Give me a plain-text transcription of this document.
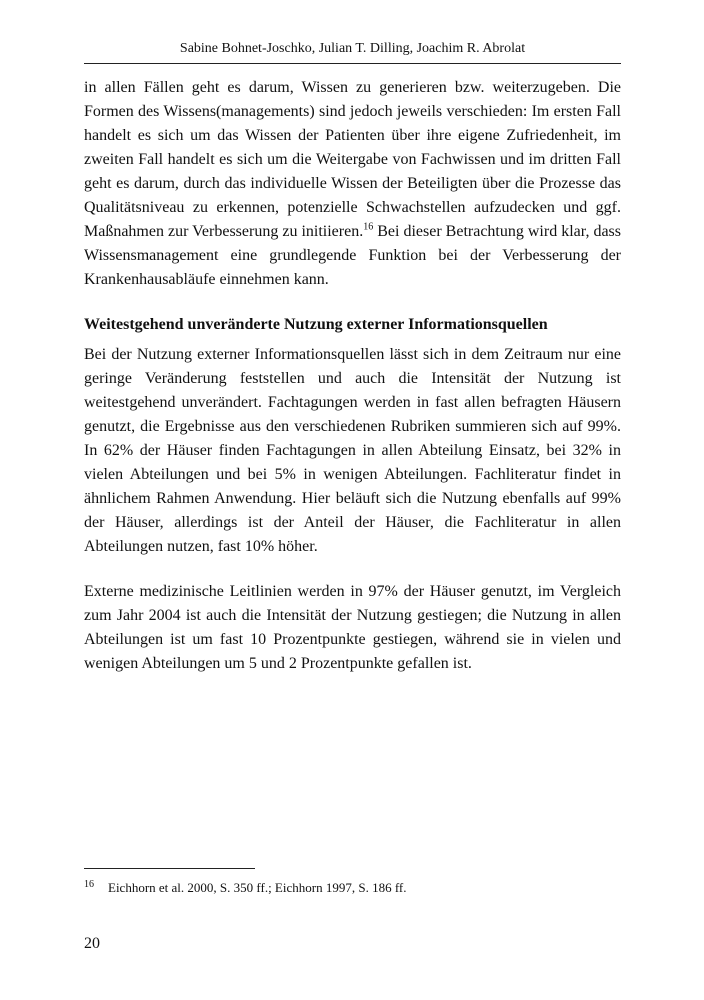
Sabine Bohnet-Joschko, Julian T. Dilling, Joachim R. Abrolat

in allen Fällen geht es darum, Wissen zu generieren bzw. weiterzugeben. Die Formen des Wissens(managements) sind jedoch jeweils verschieden: Im ersten Fall handelt es sich um das Wissen der Patienten über ihre eigene Zufriedenheit, im zweiten Fall handelt es sich um die Weitergabe von Fachwissen und im dritten Fall geht es darum, durch das individuelle Wissen der Beteiligten über die Prozesse das Qualitätsniveau zu erkennen, potenzielle Schwachstellen aufzudecken und ggf. Maßnahmen zur Verbesserung zu initiieren.$^{16}$ Bei dieser Betrachtung wird klar, dass Wissensmanagement eine grundlegende Funktion bei der Verbesserung der Krankenhausabläufe einnehmen kann.

Weitestgehend unveränderte Nutzung externer Informationsquellen

Bei der Nutzung externer Informationsquellen lässt sich in dem Zeitraum nur eine geringe Veränderung feststellen und auch die Intensität der Nutzung ist weitestgehend unverändert. Fachtagungen werden in fast allen befragten Häusern genutzt, die Ergebnisse aus den verschiedenen Rubriken summieren sich auf 99%. In 62% der Häuser finden Fachtagungen in allen Abteilung Einsatz, bei 32% in vielen Abteilungen und bei 5% in wenigen Abteilungen. Fachliteratur findet in ähnlichem Rahmen Anwendung. Hier beläuft sich die Nutzung ebenfalls auf 99% der Häuser, allerdings ist der Anteil der Häuser, die Fachliteratur in allen Abteilungen nutzen, fast 10% höher.

Externe medizinische Leitlinien werden in 97% der Häuser genutzt, im Vergleich zum Jahr 2004 ist auch die Intensität der Nutzung gestiegen; die Nutzung in allen Abteilungen ist um fast 10 Prozentpunkte gestiegen, während sie in vielen und wenigen Abteilungen um 5 und 2 Prozentpunkte gefallen ist.

16 Eichhorn et al. 2000, S. 350 ff.; Eichhorn 1997, S. 186 ff.
20
